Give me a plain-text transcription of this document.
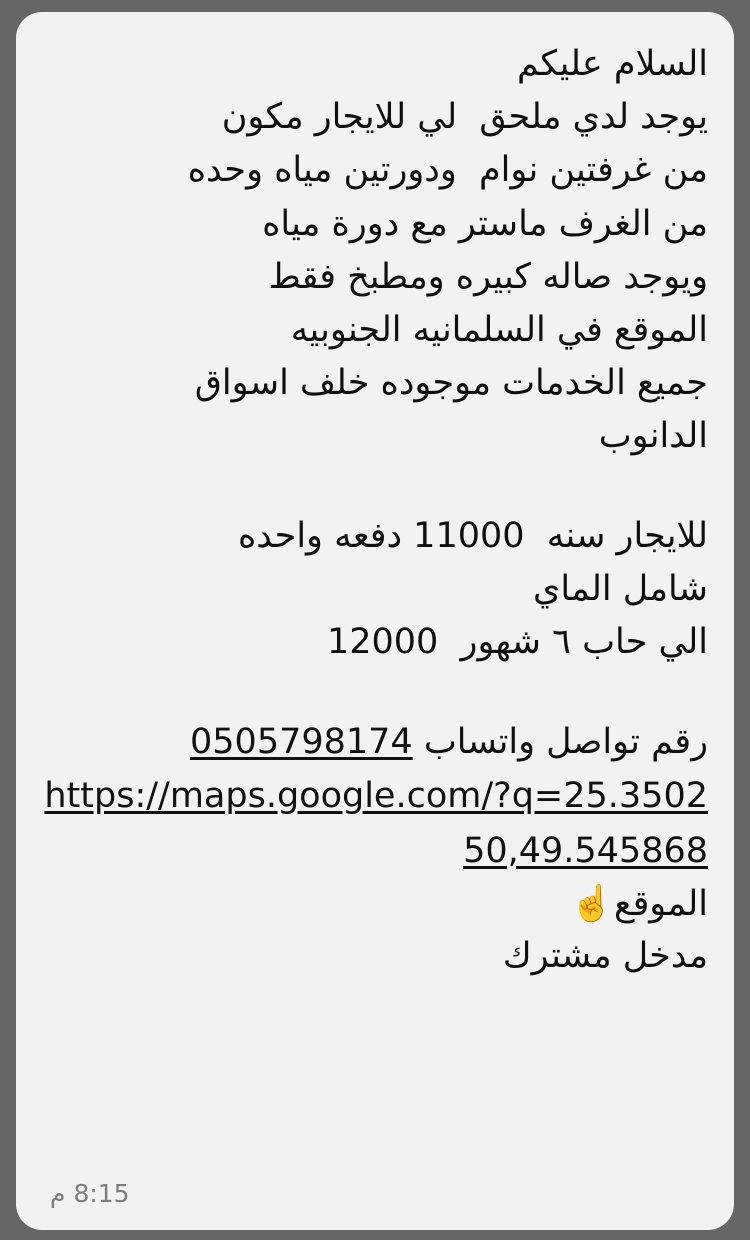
السلام عليكم
يوجد لدي ملحق  لي للايجار مكون
من غرفتين نوام  ودورتين مياه وحده
من الغرف ماستر مع دورة مياه
ويوجد صاله كبيره ومطبخ فقط
الموقع في السلمانيه الجنوبيه
جميع الخدمات موجوده خلف اسواق
الدانوب
للايجار سنه  11000 دفعه واحده
شامل الماي
الي حاب ٦ شهور  12000
رقم تواصل واتساب 0505798174
https://maps.google.com/?q=25.350250,49.545868
الموقع☝️
مدخل مشترك
8:15 م
